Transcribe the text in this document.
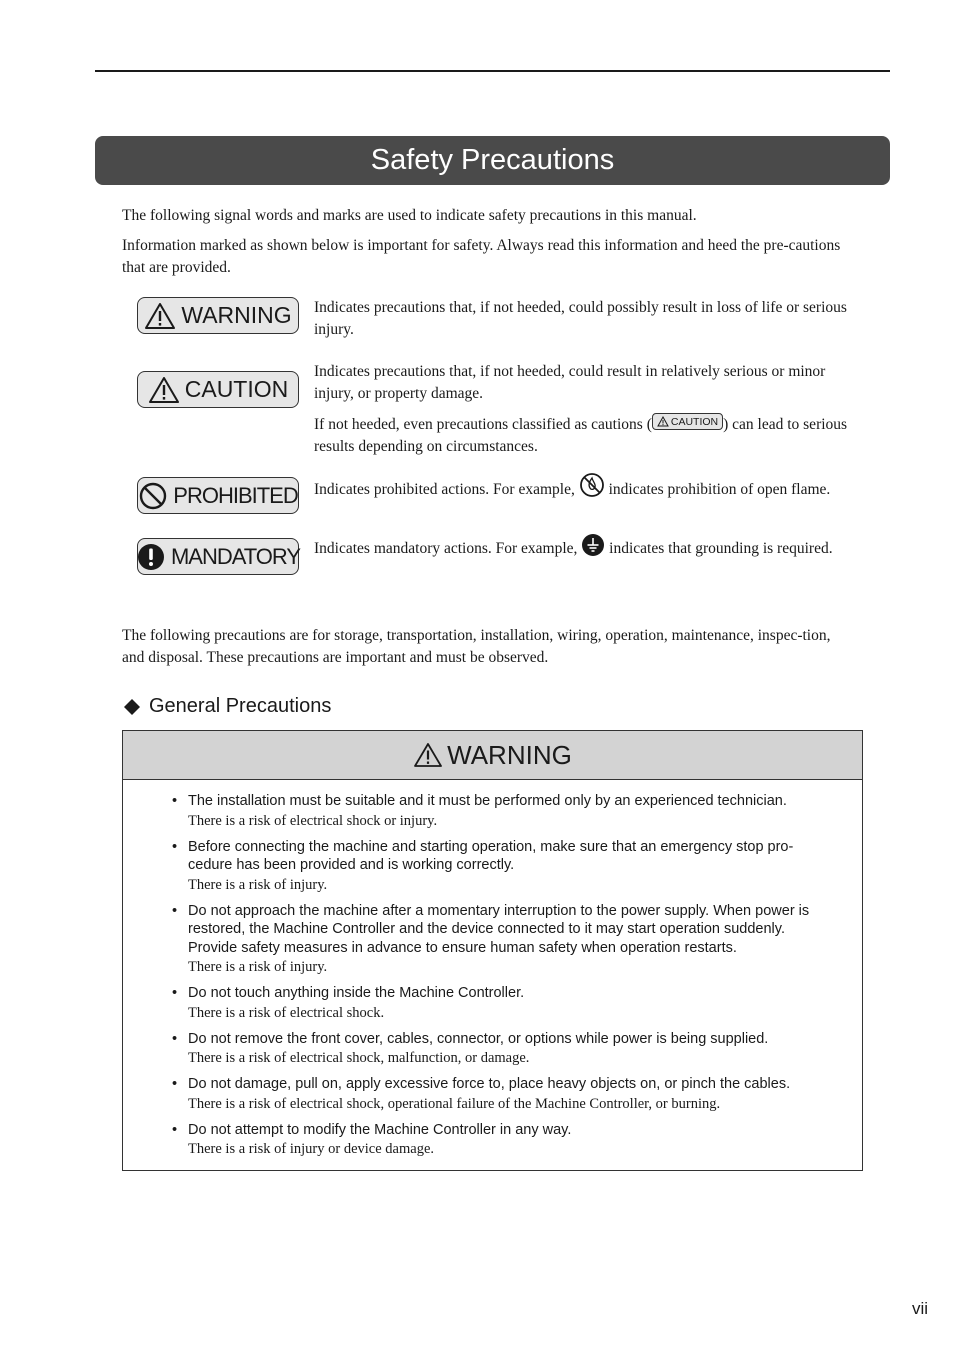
Safety Precautions
The following signal words and marks are used to indicate safety precautions in this manual.
Information marked as shown below is important for safety. Always read this information and heed the pre-cautions that are provided.
WARNING Indicates precautions that, if not heeded, could possibly result in loss of life or serious injury.
CAUTION
Indicates precautions that, if not heeded, could result in relatively serious or minor injury, or property damage.
If not heeded, even precautions classified as cautions ( CAUTION ) can lead to serious results depending on circumstances.
PROHIBITED Indicates prohibited actions. For example,  indicates prohibition of open flame.
MANDATORY Indicates mandatory actions. For example,  indicates that grounding is required.
The following precautions are for storage, transportation, installation, wiring, operation, maintenance, inspec-tion, and disposal. These precautions are important and must be observed.
General Precautions
WARNING
• The installation must be suitable and it must be performed only by an experienced technician.
There is a risk of electrical shock or injury.
• Before connecting the machine and starting operation, make sure that an emergency stop pro-cedure has been provided and is working correctly.
There is a risk of injury.
• Do not approach the machine after a momentary interruption to the power supply. When power is restored, the Machine Controller and the device connected to it may start operation suddenly. Provide safety measures in advance to ensure human safety when operation restarts.
There is a risk of injury.
• Do not touch anything inside the Machine Controller.
There is a risk of electrical shock.
• Do not remove the front cover, cables, connector, or options while power is being supplied.
There is a risk of electrical shock, malfunction, or damage.
• Do not damage, pull on, apply excessive force to, place heavy objects on, or pinch the cables.
There is a risk of electrical shock, operational failure of the Machine Controller, or burning.
• Do not attempt to modify the Machine Controller in any way.
There is a risk of injury or device damage.
vii
